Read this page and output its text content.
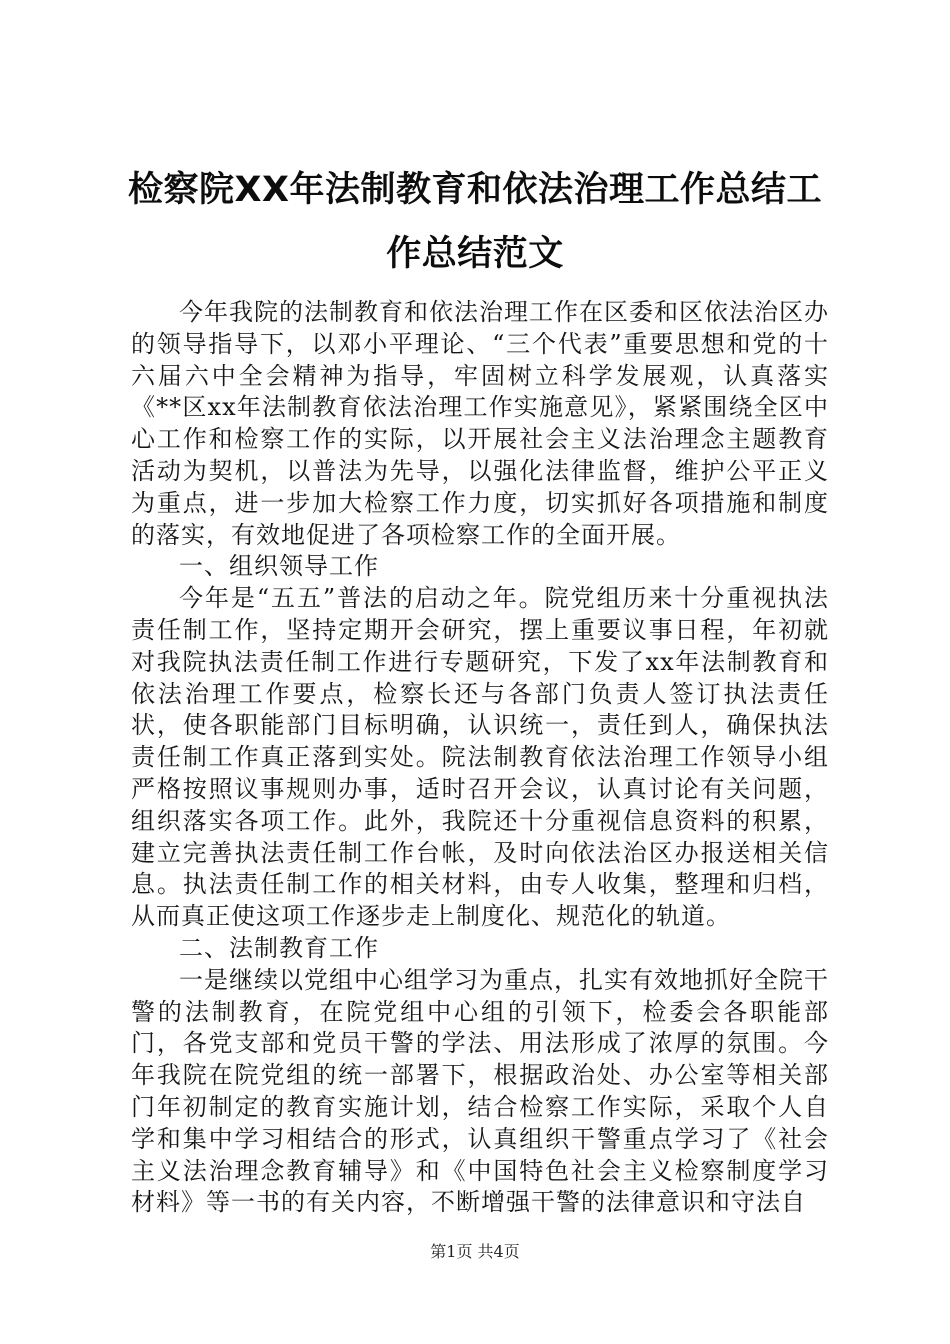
检察院XX年法制教育和依法治理工作总结工作总结范文

今年我院的法制教育和依法治理工作在区委和区依法治区办的领导指导下，以邓小平理论、“三个代表”重要思想和党的十六届六中全会精神为指导，牢固树立科学发展观，认真落实《**区xx年法制教育依法治理工作实施意见》，紧紧围绕全区中心工作和检察工作的实际，以开展社会主义法治理念主题教育活动为契机，以普法为先导，以强化法律监督，维护公平正义为重点，进一步加大检察工作力度，切实抓好各项措施和制度的落实，有效地促进了各项检察工作的全面开展。

一、组织领导工作

今年是“五五”普法的启动之年。院党组历来十分重视执法责任制工作，坚持定期开会研究，摆上重要议事日程，年初就对我院执法责任制工作进行专题研究，下发了xx年法制教育和依法治理工作要点，检察长还与各部门负责人签订执法责任状，使各职能部门目标明确，认识统一，责任到人，确保执法责任制工作真正落到实处。院法制教育依法治理工作领导小组严格按照议事规则办事，适时召开会议，认真讨论有关问题，组织落实各项工作。此外，我院还十分重视信息资料的积累，建立完善执法责任制工作台帐，及时向依法治区办报送相关信息。执法责任制工作的相关材料，由专人收集，整理和归档，从而真正使这项工作逐步走上制度化、规范化的轨道。

二、法制教育工作

一是继续以党组中心组学习为重点，扎实有效地抓好全院干警的法制教育，在院党组中心组的引领下，检委会各职能部门，各党支部和党员干警的学法、用法形成了浓厚的氛围。今年我院在院党组的统一部署下，根据政治处、办公室等相关部门年初制定的教育实施计划，结合检察工作实际，采取个人自学和集中学习相结合的形式，认真组织干警重点学习了《社会主义法治理念教育辅导》和《中国特色社会主义检察制度学习材料》等一书的有关内容，不断增强干警的法律意识和守法自

第1页 共4页
